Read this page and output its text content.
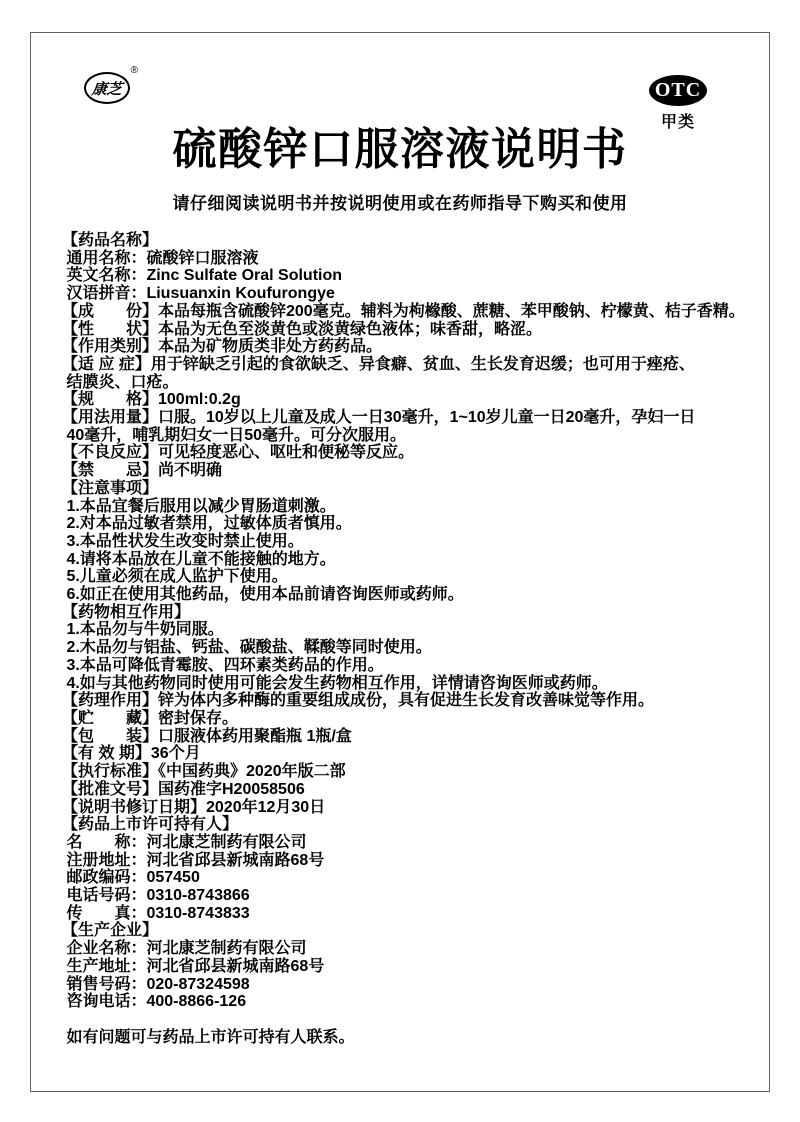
康芝
®
OTC
甲类
硫酸锌口服溶液说明书
请仔细阅读说明书并按说明使用或在药师指导下购买和使用
【药品名称】
通用名称：硫酸锌口服溶液
英文名称：Zinc Sulfate Oral Solution
汉语拼音：Liusuanxin Koufurongye
【成　　份】本品每瓶含硫酸锌200毫克。辅料为枸橼酸、蔗糖、苯甲酸钠、柠檬黄、桔子香精。
【性　　状】本品为无色至淡黄色或淡黄绿色液体；味香甜，略涩。
【作用类别】本品为矿物质类非处方药药品。
【适 应 症】用于锌缺乏引起的食欲缺乏、异食癖、贫血、生长发育迟缓；也可用于痤疮、
结膜炎、口疮。
【规　　格】100ml:0.2g
【用法用量】口服。10岁以上儿童及成人一日30毫升，1~10岁儿童一日20毫升，孕妇一日
40毫升，哺乳期妇女一日50毫升。可分次服用。
【不良反应】可见轻度恶心、呕吐和便秘等反应。
【禁　　忌】尚不明确
【注意事项】
1.本品宜餐后服用以减少胃肠道刺激。
2.对本品过敏者禁用，过敏体质者慎用。
3.本品性状发生改变时禁止使用。
4.请将本品放在儿童不能接触的地方。
5.儿童必须在成人监护下使用。
6.如正在使用其他药品，使用本品前请咨询医师或药师。
【药物相互作用】
1.本品勿与牛奶同服。
2.木品勿与铝盐、钙盐、碳酸盐、鞣酸等同时使用。
3.本品可降低青霉胺、四环素类药品的作用。
4.如与其他药物同时使用可能会发生药物相互作用，详情请咨询医师或药师。
【药理作用】锌为体内多种酶的重要组成成份，具有促进生长发育改善味觉等作用。
【贮　　藏】密封保存。
【包　　装】口服液体药用聚酯瓶 1瓶/盒
【有 效 期】36个月
【执行标准】《中国药典》2020年版二部
【批准文号】国药准字H20058506
【说明书修订日期】2020年12月30日
【药品上市许可持有人】
名　　称：河北康芝制药有限公司
注册地址：河北省邱县新城南路68号
邮政编码：057450
电话号码：0310-8743866
传　　真：0310-8743833
【生产企业】
企业名称：河北康芝制药有限公司
生产地址：河北省邱县新城南路68号
销售号码：020-87324598
咨询电话：400-8866-126
如有问题可与药品上市许可持有人联系。
